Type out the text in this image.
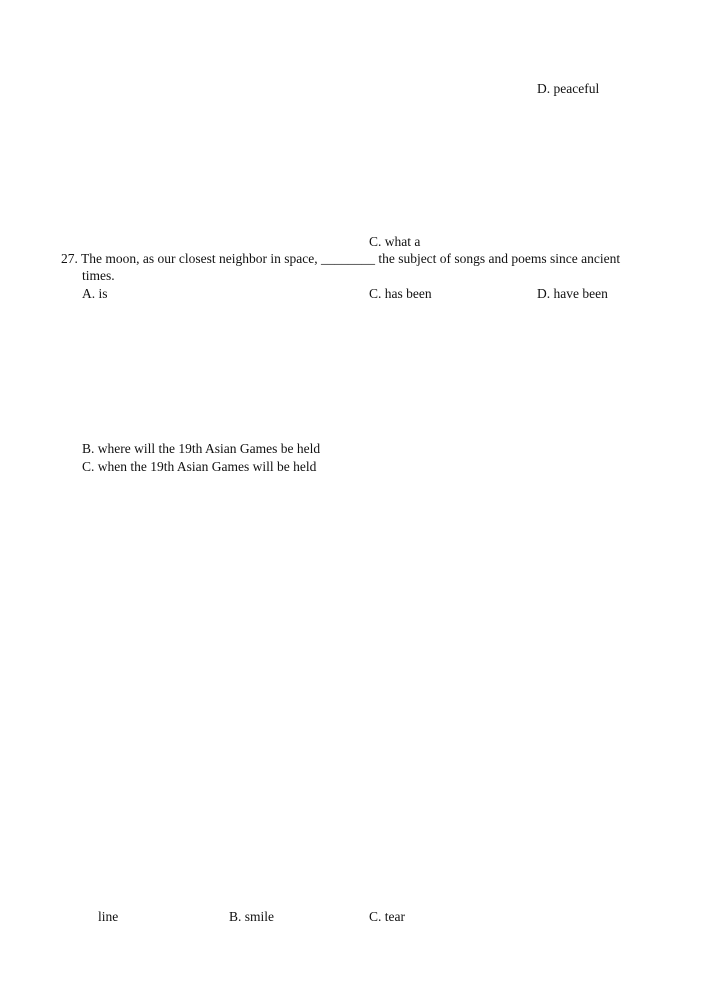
D. peaceful
C. what a
27. The moon, as our closest neighbor in space, ________ the subject of songs and poems since ancient
times.
A. is	C. has been	D. have been
B. where will the 19th Asian Games be held
C. when the 19th Asian Games will be held
line	B. smile	C. tear
